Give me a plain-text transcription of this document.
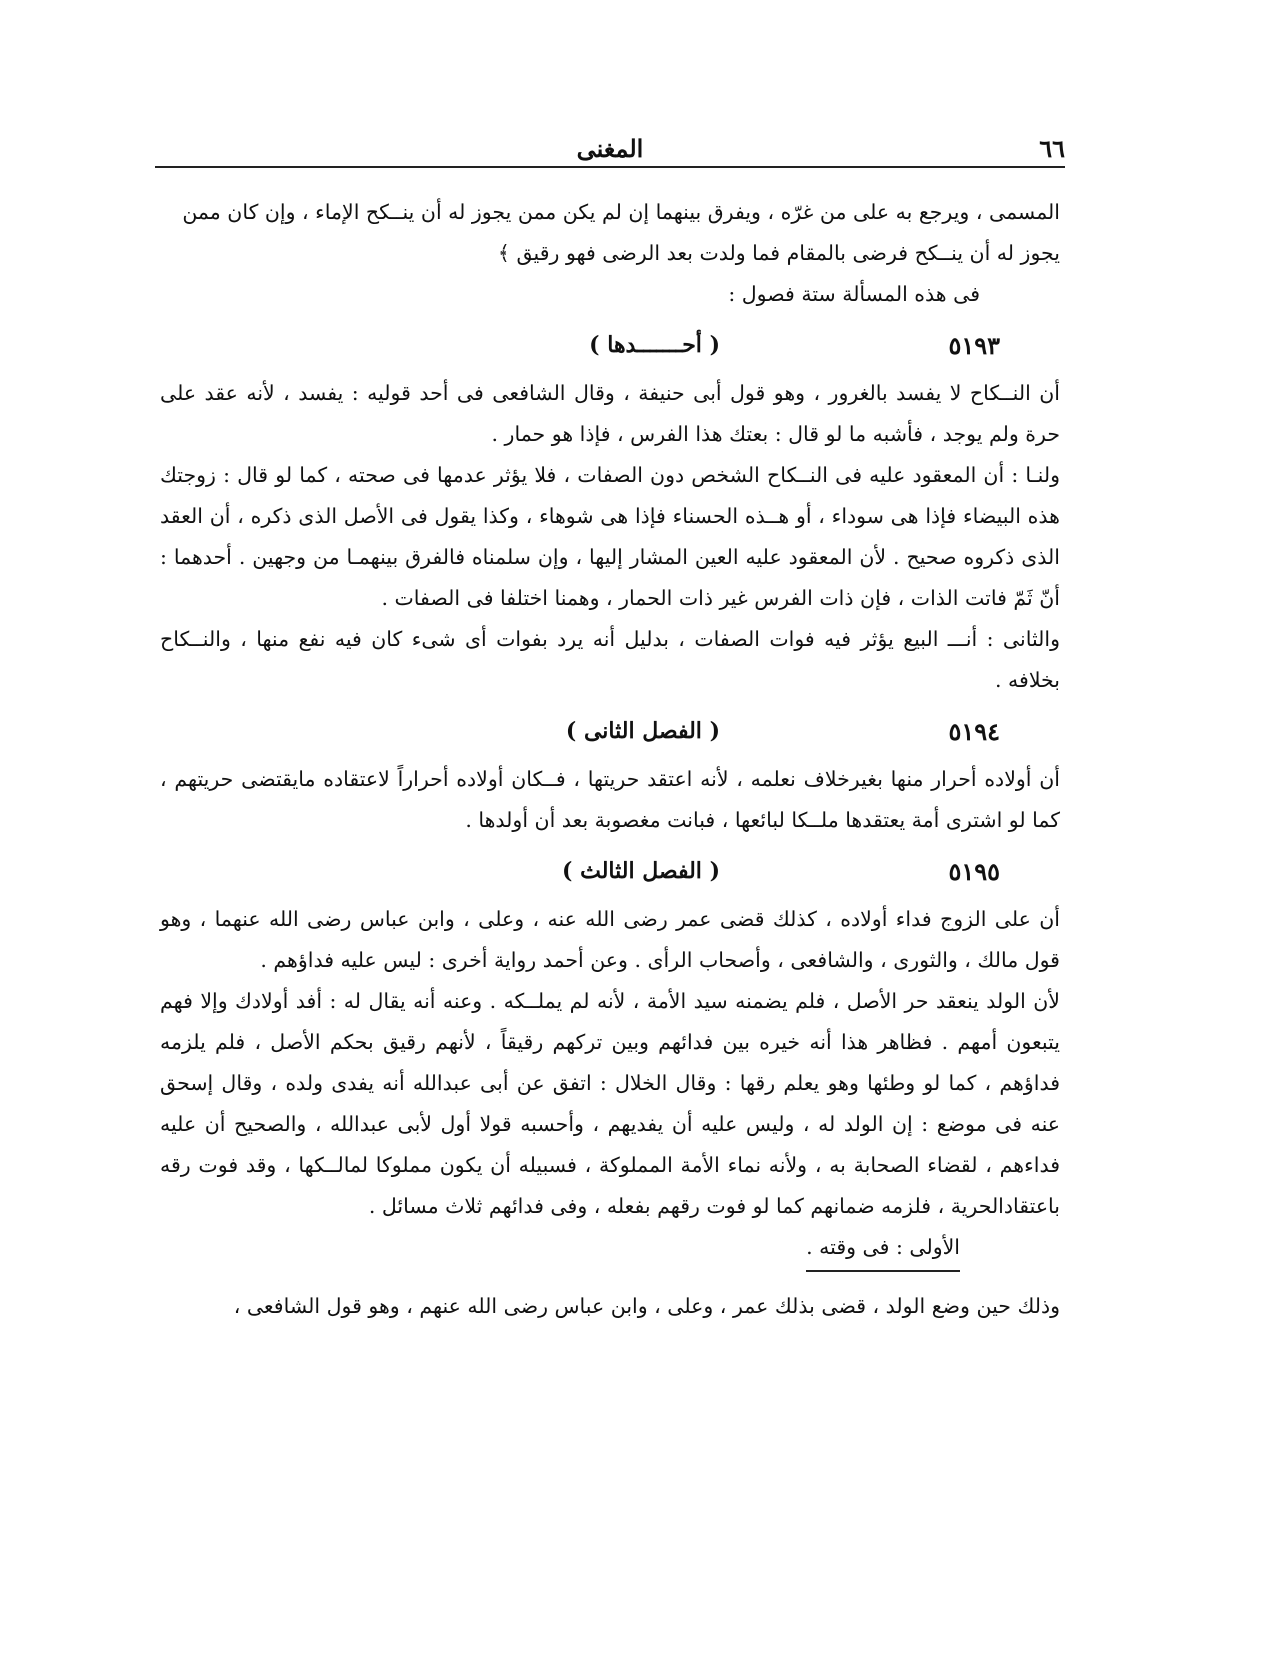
المغنى	٦٦

المسمى ، ويرجع به على من غرّه ، ويفرق بينهما إن لم يكن ممن يجوز له أن ينــكح الإماء ، وإن كان ممن

يجوز له أن ينــكح فرضى بالمقام فما ولدت بعد الرضى فهو رقيق ﴾

فى هذه المسألة ستة فصول :

٥١٩٣
( أحـــــــدها )

أن النــكاح لا يفسد بالغرور ، وهو قول أبى حنيفة ، وقال الشافعى فى أحد قوليه : يفسد ، لأنه عقد على حرة ولم يوجد ، فأشبه ما لو قال : بعتك هذا الفرس ، فإذا هو حمار .

ولنـا : أن المعقود عليه فى النــكاح الشخص دون الصفات ، فلا يؤثر عدمها فى صحته ، كما لو قال : زوجتك هذه البيضاء فإذا هى سوداء ، أو هــذه الحسناء فإذا هى شوهاء ، وكذا يقول فى الأصل الذى ذكره ، أن العقد الذى ذكروه صحيح . لأن المعقود عليه العين المشار إليها ، وإن سلمناه فالفرق بينهمـا من وجهين . أحدهما : أنّ ثَمّ فاتت الذات ، فإن ذات الفرس غير ذات الحمار ، وهمنا اختلفا فى الصفات .

والثانى : أنـــ البيع يؤثر فيه فوات الصفات ، بدليل أنه يرد بفوات أى شىء كان فيه نفع منها ، والنــكاح بخلافه .

٥١٩٤
( الفصل الثانى )

أن أولاده أحرار منها بغيرخلاف نعلمه ، لأنه اعتقد حريتها ، فــكان أولاده أحراراً لاعتقاده مايقتضى حريتهم ، كما لو اشترى أمة يعتقدها ملــكا لبائعها ، فبانت مغصوبة بعد أن أولدها .

٥١٩٥
( الفصل الثالث )

أن على الزوج فداء أولاده ، كذلك قضى عمر رضى الله عنه ، وعلى ، وابن عباس رضى الله عنهما ، وهو قول مالك ، والثورى ، والشافعى ، وأصحاب الرأى . وعن أحمد رواية أخرى : ليس عليه فداؤهم .

لأن الولد ينعقد حر الأصل ، فلم يضمنه سيد الأمة ، لأنه لم يملــكه . وعنه أنه يقال له : أفد أولادك وإلا فهم يتبعون أمهم . فظاهر هذا أنه خيره بين فدائهم وبين تركهم رقيقاً ، لأنهم رقيق بحكم الأصل ، فلم يلزمه فداؤهم ، كما لو وطئها وهو يعلم رقها : وقال الخلال : اتفق عن أبى عبدالله أنه يفدى ولده ، وقال إسحق عنه فى موضع : إن الولد له ، وليس عليه أن يفديهم ، وأحسبه قولا أول لأبى عبدالله ، والصحيح أن عليه فداءهم ، لقضاء الصحابة به ، ولأنه نماء الأمة المملوكة ، فسبيله أن يكون مملوكا لمالــكها ، وقد فوت رقه باعتقادالحرية ، فلزمه ضمانهم كما لو فوت رقهم بفعله ، وفى فدائهم ثلاث مسائل .

الأولى : فى وقته .

وذلك حين وضع الولد ، قضى بذلك عمر ، وعلى ، وابن عباس رضى الله عنهم ، وهو قول الشافعى ،
